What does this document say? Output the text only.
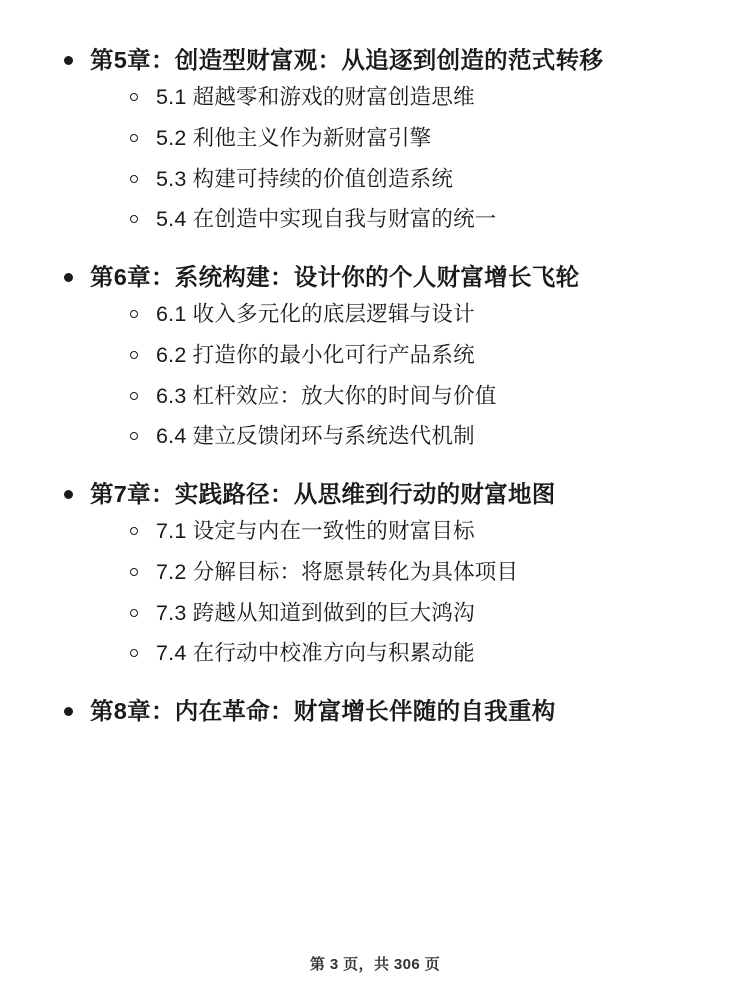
第5章：创造型财富观：从追逐到创造的范式转移
5.1 超越零和游戏的财富创造思维
5.2 利他主义作为新财富引擎
5.3 构建可持续的价值创造系统
5.4 在创造中实现自我与财富的统一
第6章：系统构建：设计你的个人财富增长飞轮
6.1 收入多元化的底层逻辑与设计
6.2 打造你的最小化可行产品系统
6.3 杠杆效应：放大你的时间与价值
6.4 建立反馈闭环与系统迭代机制
第7章：实践路径：从思维到行动的财富地图
7.1 设定与内在一致性的财富目标
7.2 分解目标：将愿景转化为具体项目
7.3 跨越从知道到做到的巨大鸿沟
7.4 在行动中校准方向与积累动能
第8章：内在革命：财富增长伴随的自我重构
第 3 页，共 306 页
